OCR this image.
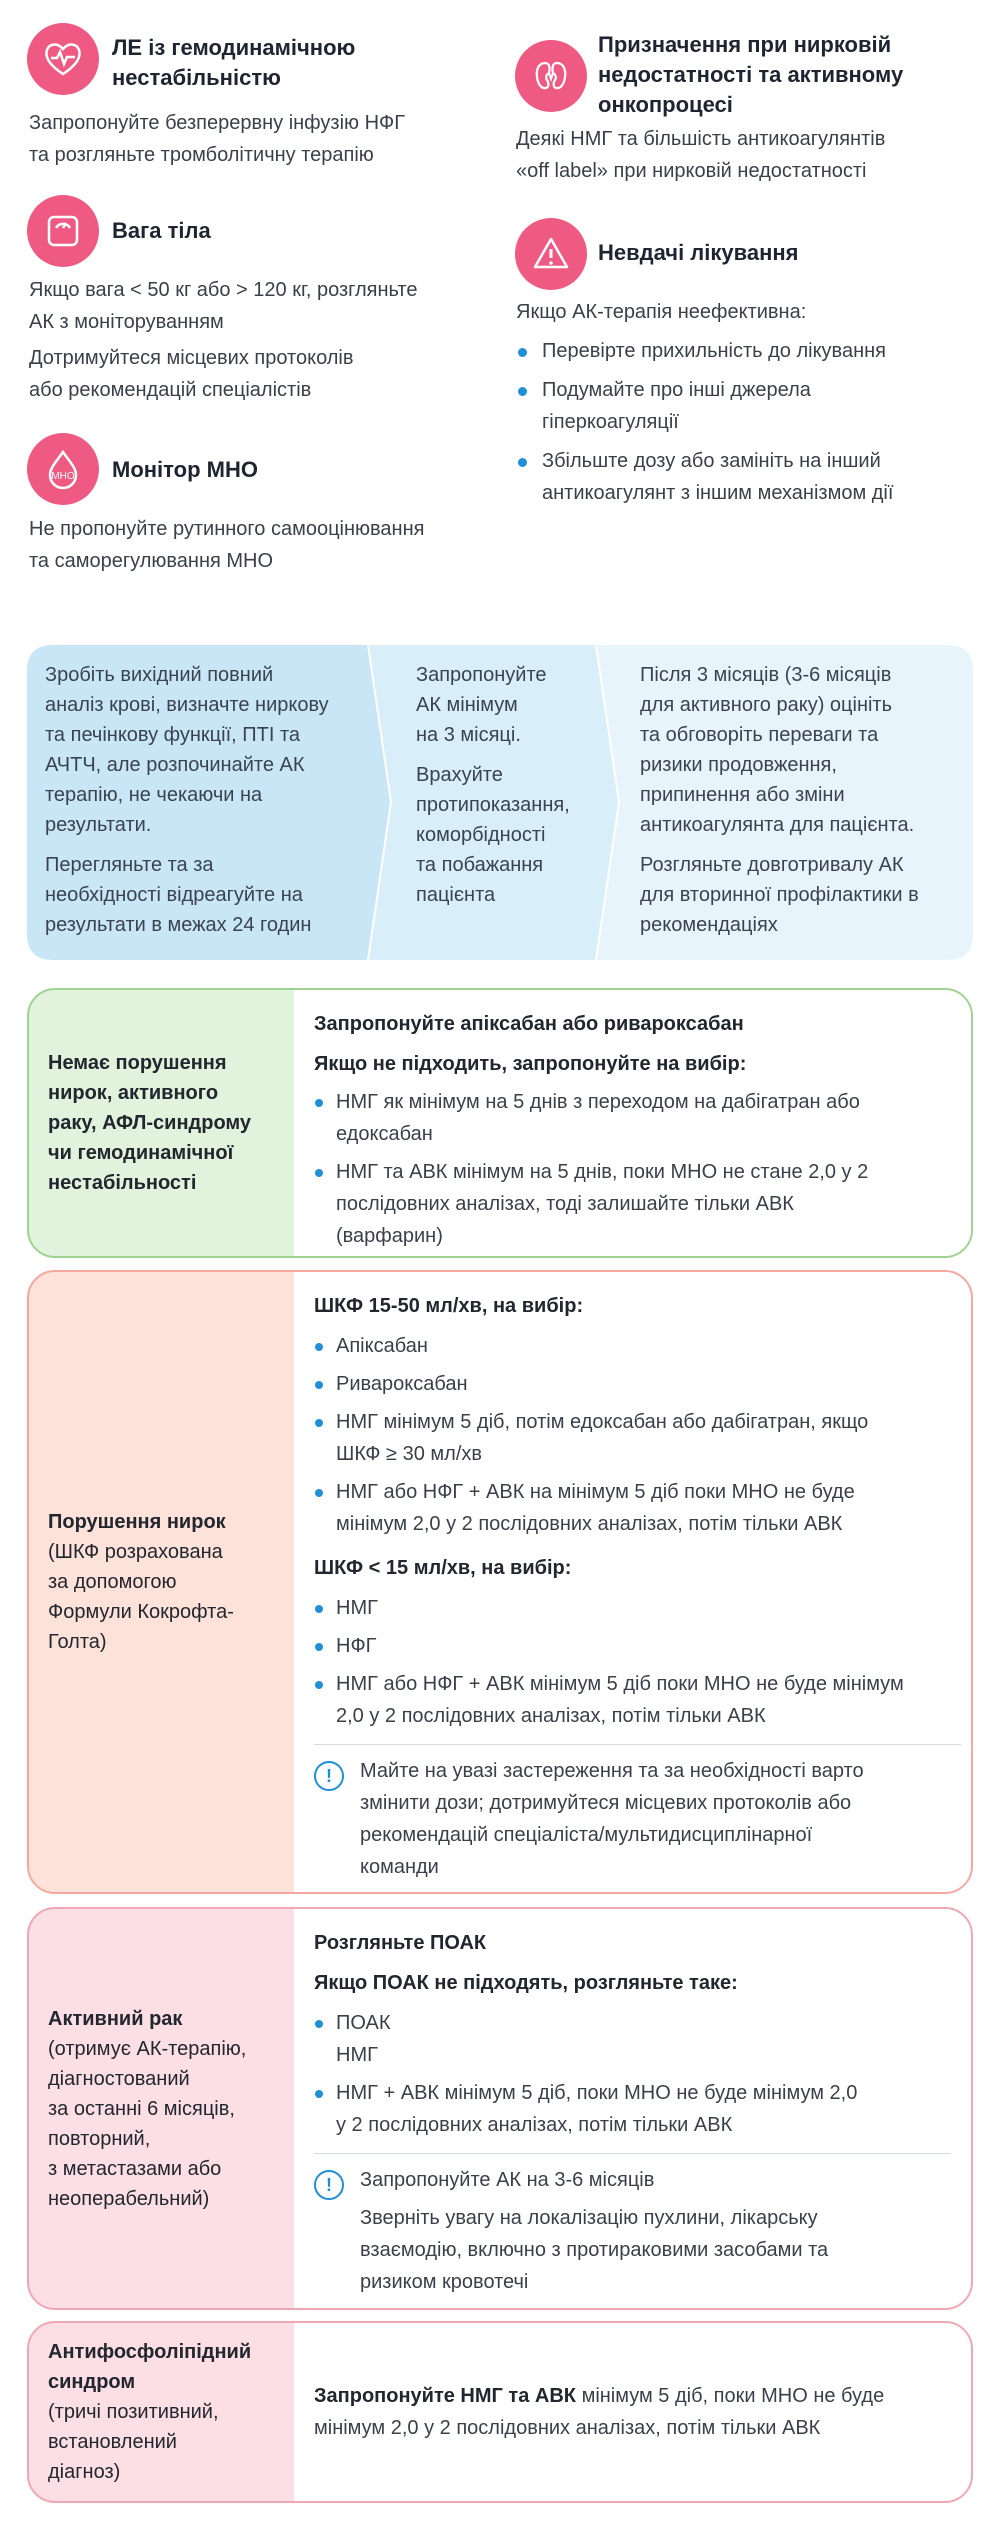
ЛЕ із гемодинамічною
нестабільністю
Запропонуйте безперервну інфузію НФГ
та розгляньте тромболітичну терапію
Вага тіла
Якщо вага < 50 кг або > 120 кг, розгляньте
АК з моніторуванням
Дотримуйтеся місцевих протоколів
або рекомендацій спеціалістів
МНО Монітор МНО
Не пропонуйте рутинного самооцінювання
та саморегулювання МНО
Призначення при нирковій
недостатності та активному
онкопроцесі
Деякі НМГ та більшість антикоагулянтів
«off label» при нирковій недостатності
Невдачі лікування
Якщо АК-терапія неефективна:
Перевірте прихильність до лікування
Подумайте про інші джерела
гіперкоагуляції
Збільште дозу або замініть на інший
антикоагулянт з іншим механізмом дії
Зробіть вихідний повний
аналіз крові, визначте ниркову
та печінкову функції, ПТІ та
АЧТЧ, але розпочинайте АК
терапію, не чекаючи на
результати.
Перегляньте та за
необхідності відреагуйте на
результати в межах 24 годин
Запропонуйте
АК мінімум
на 3 місяці.
Врахуйте
протипоказання,
коморбідності
та побажання
пацієнта
Після 3 місяців (3-6 місяців
для активного раку) оцініть
та обговоріть переваги та
ризики продовження,
припинення або зміни
антикоагулянта для пацієнта.
Розгляньте довготривалу АК
для вторинної профілактики в
рекомендаціях
Немає порушення
нирок, активного
раку, АФЛ-синдрому
чи гемодинамічної
нестабільності
Запропонуйте апіксабан або ривароксабан
Якщо не підходить, запропонуйте на вибір:
НМГ як мінімум на 5 днів з переходом на дабігатран або
едоксабан
НМГ та АВК мінімум на 5 днів, поки МНО не стане 2,0 у 2
послідовних аналізах, тоді залишайте тільки АВК
(варфарин)
Порушення нирок
(ШКФ розрахована
за допомогою
Формули Кокрофта-
Голта)
ШКФ 15-50 мл/хв, на вибір:
Апіксабан
Ривароксабан
НМГ мінімум 5 діб, потім едоксабан або дабігатран, якщо
ШКФ ≥ 30 мл/хв
НМГ або НФГ + АВК на мінімум 5 діб поки МНО не буде
мінімум 2,0 у 2 послідовних аналізах, потім тільки АВК
ШКФ < 15 мл/хв, на вибір:
НМГ
НФГ
НМГ або НФГ + АВК мінімум 5 діб поки МНО не буде мінімум
2,0 у 2 послідовних аналізах, потім тільки АВК
!	Майте на увазі застереження та за необхідності варто
змінити дози; дотримуйтеся місцевих протоколів або
рекомендацій спеціаліста/мультидисциплінарної
команди
Активний рак
(отримує АК-терапію,
діагностований
за останні 6 місяців,
повторний,
з метастазами або
неоперабельний)
Розгляньте ПОАК
Якщо ПОАК не підходять, розгляньте таке:
ПОАК
НМГ
НМГ + АВК мінімум 5 діб, поки МНО не буде мінімум 2,0
у 2 послідовних аналізах, потім тільки АВК
!	Запропонуйте АК на 3-6 місяців
Зверніть увагу на локалізацію пухлини, лікарську
взаємодію, включно з протираковими засобами та
ризиком кровотечі
Антифосфоліпідний
синдром
(тричі позитивний,
встановлений
діагноз)
Запропонуйте НМГ та АВК мінімум 5 діб, поки МНО не буде
мінімум 2,0 у 2 послідовних аналізах, потім тільки АВК
